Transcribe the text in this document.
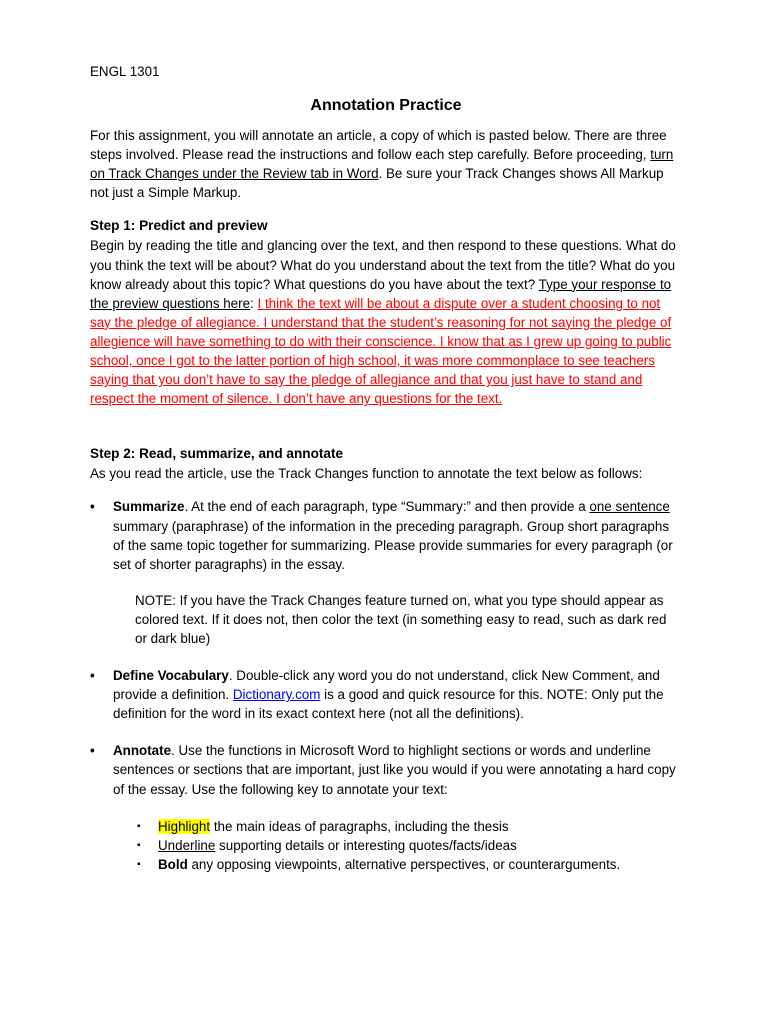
ENGL 1301

Annotation Practice

For this assignment, you will annotate an article, a copy of which is pasted below. There are three steps involved. Please read the instructions and follow each step carefully. Before proceeding, turn on Track Changes under the Review tab in Word. Be sure your Track Changes shows All Markup not just a Simple Markup.

Step 1: Predict and preview

Begin by reading the title and glancing over the text, and then respond to these questions. What do you think the text will be about? What do you understand about the text from the title? What do you know already about this topic? What questions do you have about the text? Type your response to the preview questions here: I think the text will be about a dispute over a student choosing to not say the pledge of allegiance. I understand that the student’s reasoning for not saying the pledge of allegience will have something to do with their conscience. I know that as I grew up going to public school, once I got to the latter portion of high school, it was more commonplace to see teachers saying that you don’t have to say the pledge of allegiance and that you just have to stand and respect the moment of silence. I don’t have any questions for the text.

Step 2: Read, summarize, and annotate

As you read the article, use the Track Changes function to annotate the text below as follows:

• Summarize. At the end of each paragraph, type “Summary:” and then provide a one sentence summary (paraphrase) of the information in the preceding paragraph. Group short paragraphs of the same topic together for summarizing. Please provide summaries for every paragraph (or set of shorter paragraphs) in the essay.

NOTE: If you have the Track Changes feature turned on, what you type should appear as colored text. If it does not, then color the text (in something easy to read, such as dark red or dark blue)

• Define Vocabulary. Double-click any word you do not understand, click New Comment, and provide a definition. Dictionary.com is a good and quick resource for this. NOTE: Only put the definition for the word in its exact context here (not all the definitions).
• Annotate. Use the functions in Microsoft Word to highlight sections or words and underline sentences or sections that are important, just like you would if you were annotating a hard copy of the essay. Use the following key to annotate your text:
▪ Highlight the main ideas of paragraphs, including the thesis
▪ Underline supporting details or interesting quotes/facts/ideas
▪ Bold any opposing viewpoints, alternative perspectives, or counterarguments.
